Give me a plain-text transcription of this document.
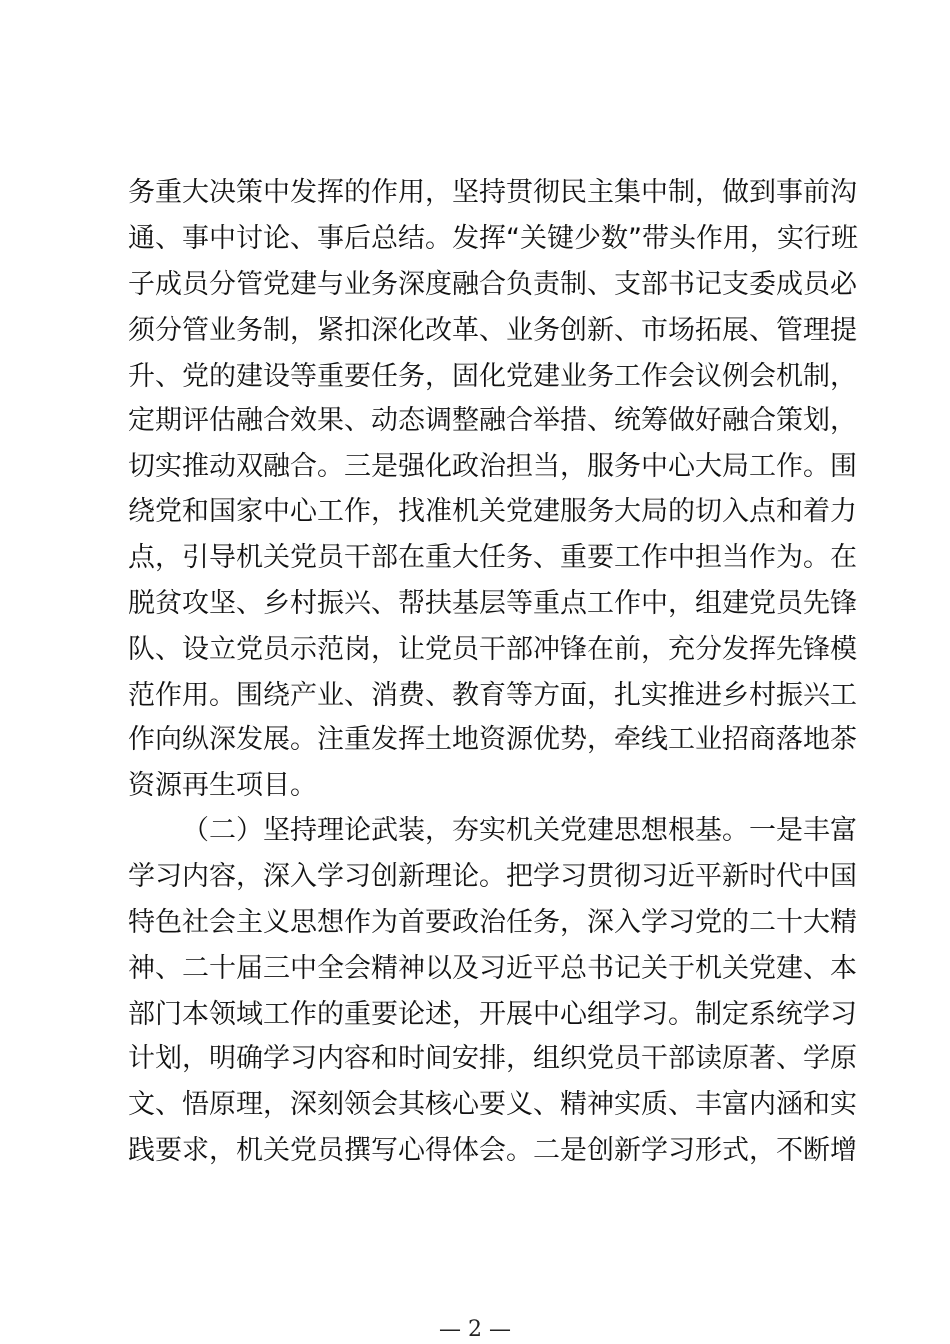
务重大决策中发挥的作用，坚持贯彻民主集中制，做到事前沟
通、事中讨论、事后总结。发挥“关键少数”带头作用，实行班
子成员分管党建与业务深度融合负责制、支部书记支委成员必
须分管业务制，紧扣深化改革、业务创新、市场拓展、管理提
升、党的建设等重要任务，固化党建业务工作会议例会机制，
定期评估融合效果、动态调整融合举措、统筹做好融合策划，
切实推动双融合。三是强化政治担当，服务中心大局工作。围
绕党和国家中心工作，找准机关党建服务大局的切入点和着力
点，引导机关党员干部在重大任务、重要工作中担当作为。在
脱贫攻坚、乡村振兴、帮扶基层等重点工作中，组建党员先锋
队、设立党员示范岗，让党员干部冲锋在前，充分发挥先锋模
范作用。围绕产业、消费、教育等方面，扎实推进乡村振兴工
作向纵深发展。注重发挥土地资源优势，牵线工业招商落地茶
资源再生项目。
（二）坚持理论武装，夯实机关党建思想根基。一是丰富
学习内容，深入学习创新理论。把学习贯彻习近平新时代中国
特色社会主义思想作为首要政治任务，深入学习党的二十大精
神、二十届三中全会精神以及习近平总书记关于机关党建、本
部门本领域工作的重要论述，开展中心组学习。制定系统学习
计划，明确学习内容和时间安排，组织党员干部读原著、学原
文、悟原理，深刻领会其核心要义、精神实质、丰富内涵和实
践要求，机关党员撰写心得体会。二是创新学习形式，不断增
— 2 —
